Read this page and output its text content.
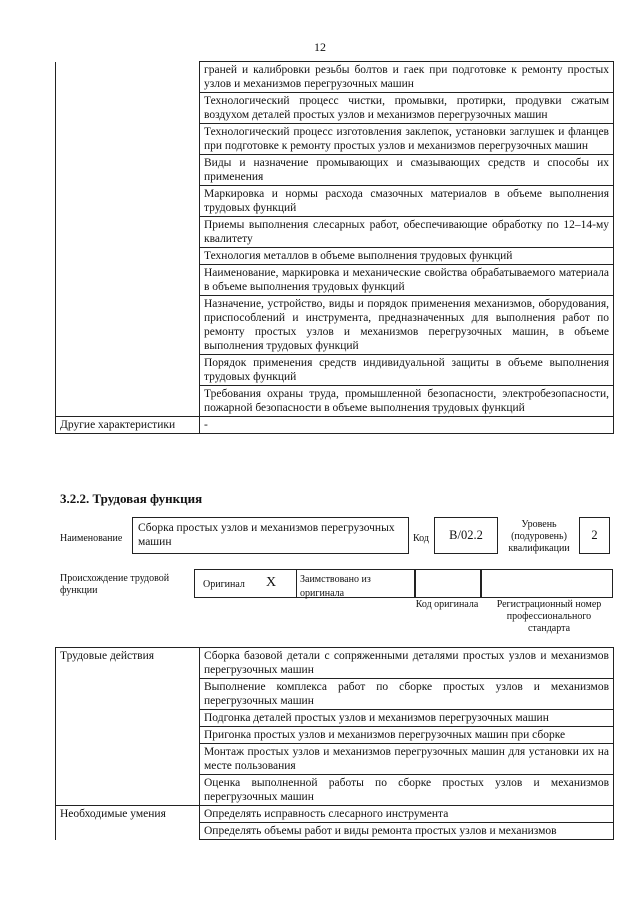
12
	граней и калибровки резьбы болтов и гаек при подготовке к ремонту простых узлов и механизмов перегрузочных машин
	Технологический процесс чистки, промывки, протирки, продувки сжатым воздухом деталей простых узлов и механизмов перегрузочных машин
	Технологический процесс изготовления заклепок, установки заглушек и фланцев при подготовке к ремонту простых узлов и механизмов перегрузочных машин
	Виды и назначение промывающих и смазывающих средств и способы их применения
	Маркировка и нормы расхода смазочных материалов в объеме выполнения трудовых функций
	Приемы выполнения слесарных работ, обеспечивающие обработку по 12–14-му квалитету
	Технология металлов в объеме выполнения трудовых функций
	Наименование, маркировка и механические свойства обрабатываемого материала в объеме выполнения трудовых функций
	Назначение, устройство, виды и порядок применения механизмов, оборудования, приспособлений и инструмента, предназначенных для выполнения работ по ремонту простых узлов и механизмов перегрузочных машин, в объеме выполнения трудовых функций
	Порядок применения средств индивидуальной защиты в объеме выполнения трудовых функций
	Требования охраны труда, промышленной безопасности, электробезопасности, пожарной безопасности в объеме выполнения трудовых функций
Другие характеристики	-
3.2.2. Трудовая функция
Наименование
Сборка простых узлов и механизмов перегрузочных машин	Код	B/02.2
Уровень (подуровень) квалификации
2
Происхождение трудовой функции
Оригинал X	Заимствовано из оригинала
Код оригинала	Регистрационный номер профессионального стандарта
Трудовые действия	Сборка базовой детали с сопряженными деталями простых узлов и механизмов перегрузочных машин
	Выполнение комплекса работ по сборке простых узлов и механизмов перегрузочных машин
	Подгонка деталей простых узлов и механизмов перегрузочных машин
	Пригонка простых узлов и механизмов перегрузочных машин при сборке
	Монтаж простых узлов и механизмов перегрузочных машин для установки их на месте пользования
	Оценка выполненной работы по сборке простых узлов и механизмов перегрузочных машин
Необходимые умения	Определять исправность слесарного инструмента
	Определять объемы работ и виды ремонта простых узлов и механизмов
